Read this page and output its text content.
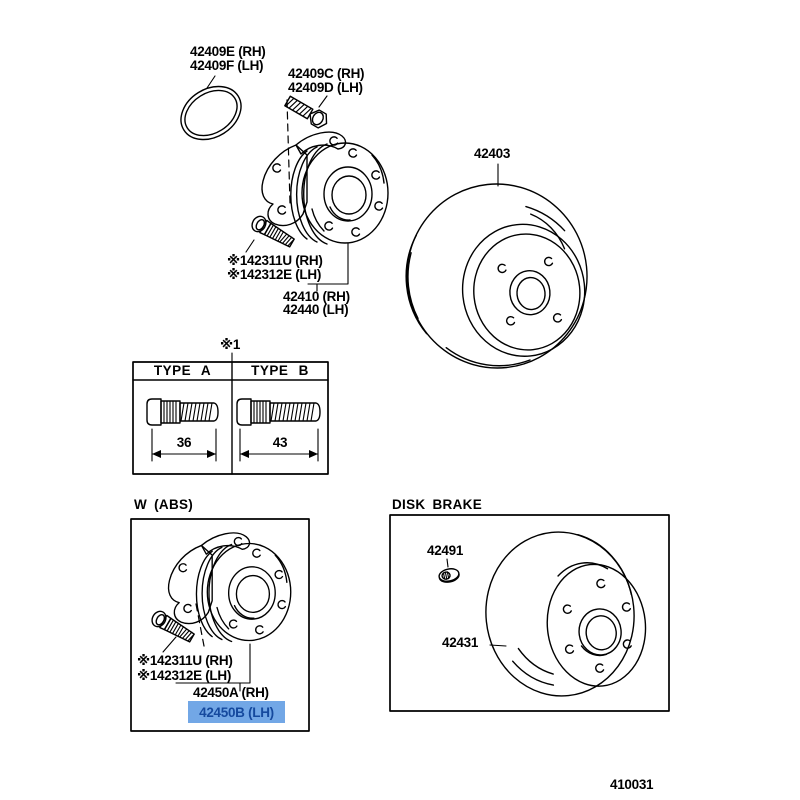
42409E (RH)
42409F (LH)
42409C (RH)
42409D (LH)
42403
※142311U (RH)
※142312E (LH)
42410 (RH)
42440 (LH)
※1
TYPE A	TYPE B
36	43
W (ABS)
※142311U (RH)
※142312E (LH)
42450A (RH)
42450B (LH)
DISK BRAKE
42491
42431
410031
